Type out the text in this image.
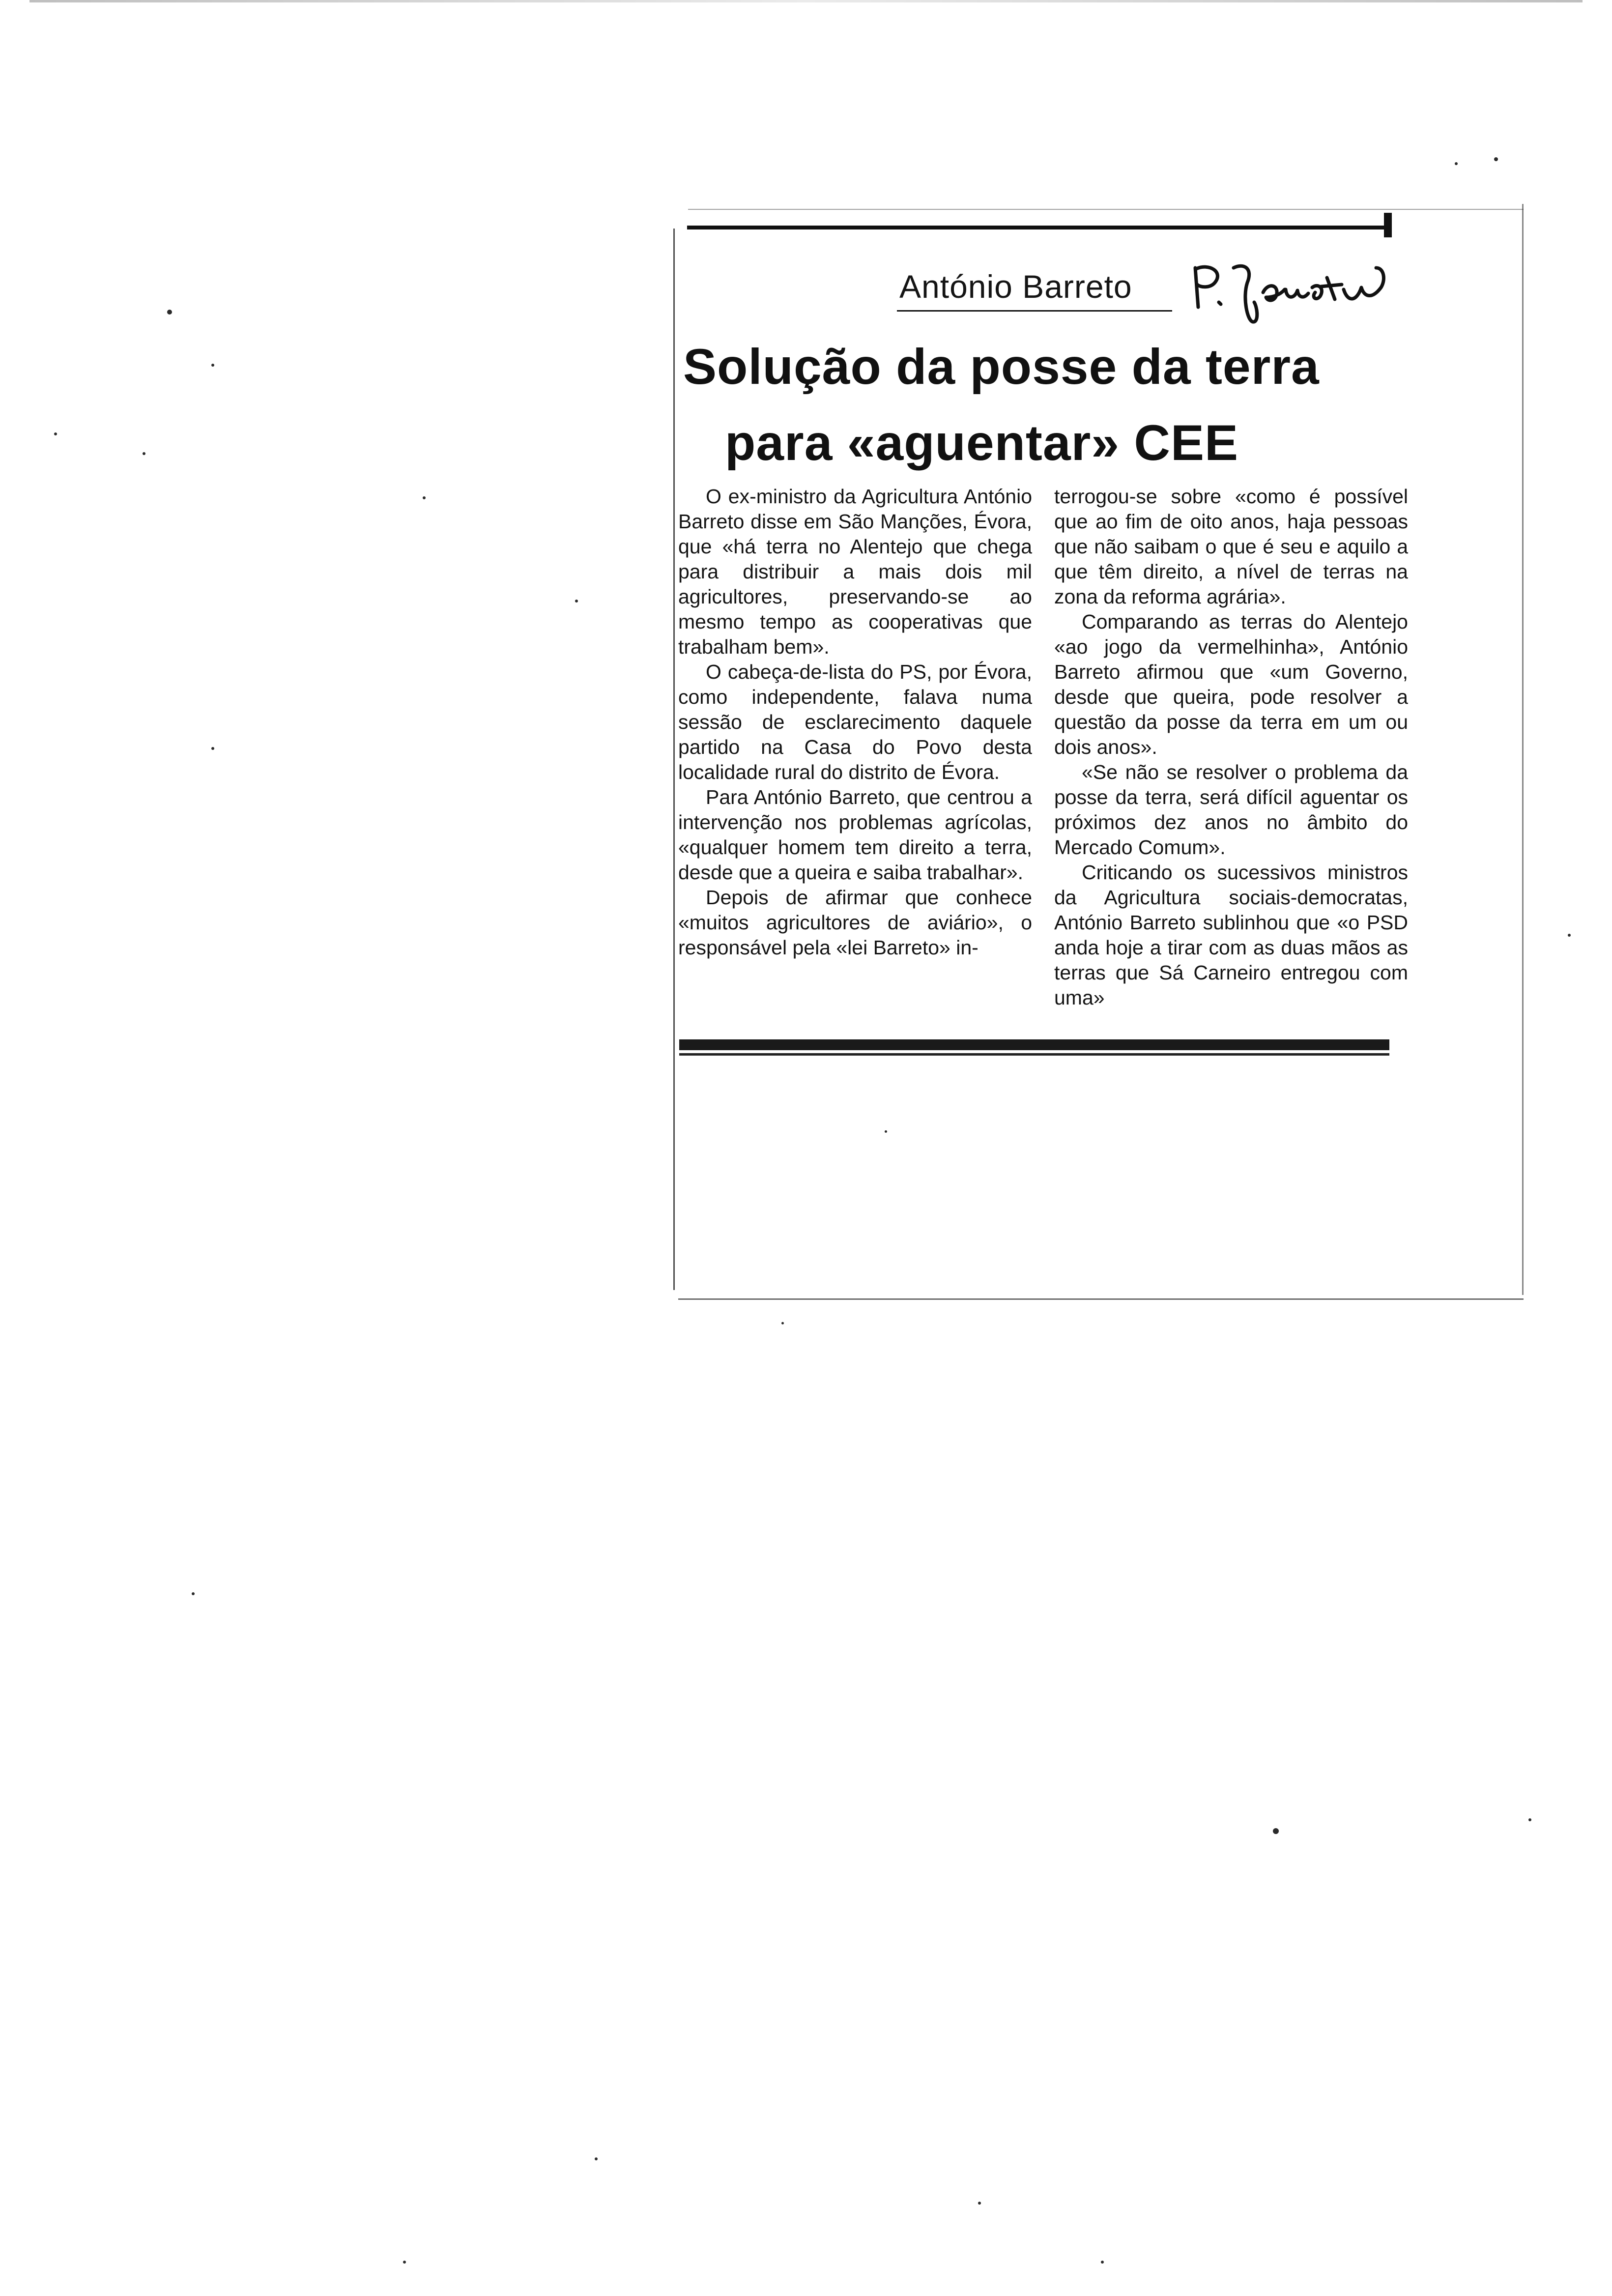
António Barreto
Solução da posse da terra
para «aguentar» CEE

O ex-ministro da Agricultura António Barreto disse em São Manções, Évora, que «há terra no Alentejo que chega para distribuir a mais dois mil agricultores, preservando-se ao mesmo tempo as cooperativas que trabalham bem».

O cabeça-de-lista do PS, por Évora, como independente, falava numa sessão de esclarecimento daquele partido na Casa do Povo desta localidade rural do distrito de Évora.

Para António Barreto, que centrou a intervenção nos problemas agrícolas, «qualquer homem tem direito a terra, desde que a queira e saiba trabalhar».

Depois de afirmar que conhece «muitos agricultores de aviário», o responsável pela «lei Barreto» in-

terrogou-se sobre «como é possível que ao fim de oito anos, haja pessoas que não saibam o que é seu e aquilo a que têm direito, a nível de terras na zona da reforma agrária».

Comparando as terras do Alentejo «ao jogo da vermelhinha», António Barreto afirmou que «um Governo, desde que queira, pode resolver a questão da posse da terra em um ou dois anos».

«Se não se resolver o problema da posse da terra, será difícil aguentar os próximos dez anos no âmbito do Mercado Comum».

Criticando os sucessivos ministros da Agricultura sociais-democratas, António Barreto sublinhou que «o PSD anda hoje a tirar com as duas mãos as terras que Sá Carneiro entregou com uma»
